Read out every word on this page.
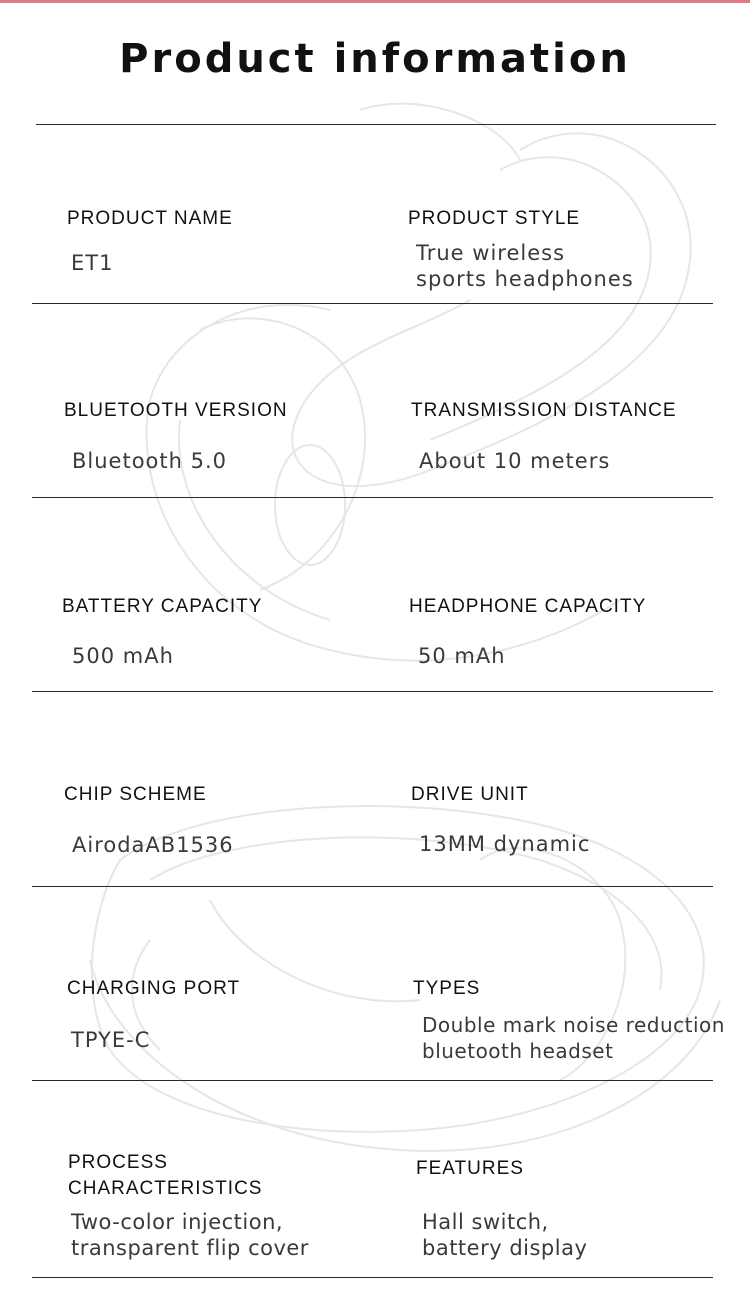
Product information
PRODUCT NAME
ET1
PRODUCT STYLE
True wireless
sports headphones
BLUETOOTH VERSION
Bluetooth 5.0
TRANSMISSION DISTANCE
About 10 meters
BATTERY CAPACITY
500 mAh
HEADPHONE CAPACITY
50 mAh
CHIP SCHEME
AirodaAB1536
DRIVE UNIT
13MM dynamic
CHARGING PORT
TPYE-C
TYPES
Double mark noise reduction
bluetooth headset
PROCESS
CHARACTERISTICS
Two-color injection,
transparent flip cover
FEATURES
Hall switch,
battery display
